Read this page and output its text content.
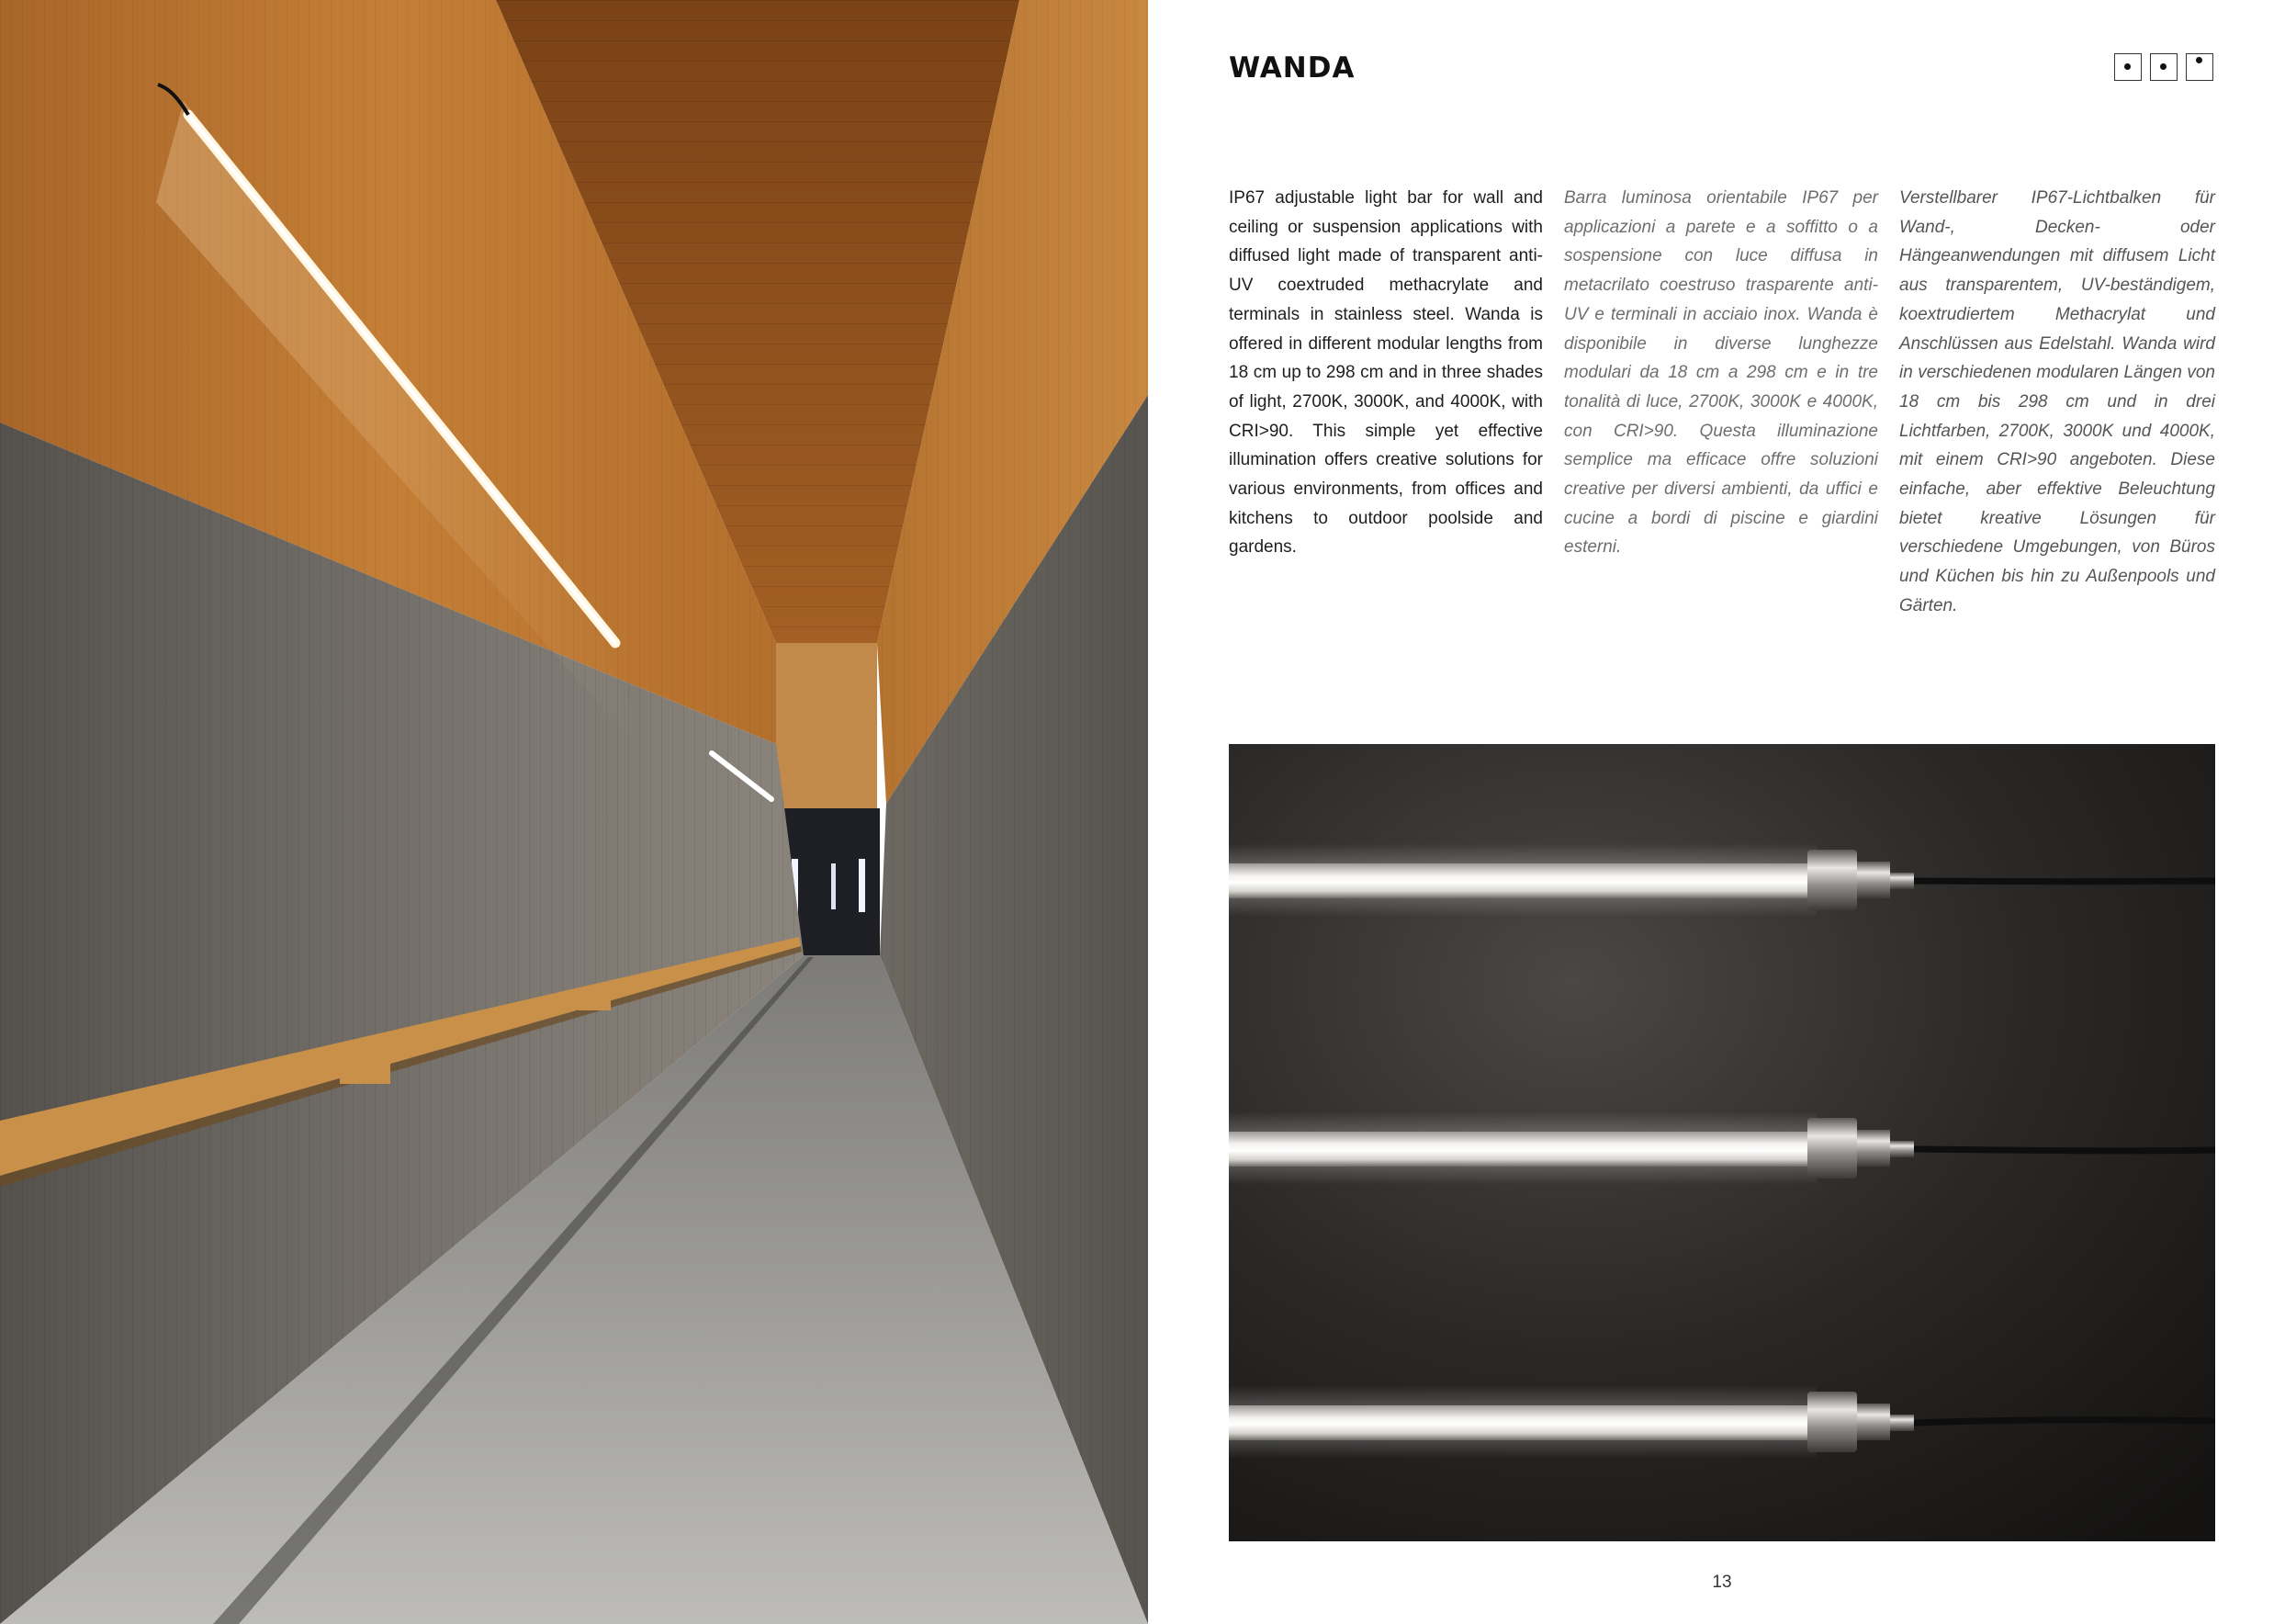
WANDA
IP67 adjustable light bar for wall and ceiling or suspension applications with diffused light made of transparent anti-UV coextruded methacrylate and terminals in stainless steel. Wanda is offered in different modular lengths from 18 cm up to 298 cm and in three shades of light, 2700K, 3000K, and 4000K, with CRI>90. This simple yet effective illumination offers creative solutions for various environments, from offices and kitchens to outdoor poolside and gardens.
Barra luminosa orientabile IP67 per applicazioni a parete e a soffitto o a sospensione con luce diffusa in metacrilato coestruso trasparente anti-UV e terminali in acciaio inox. Wanda è disponibile in diverse lunghezze modulari da 18 cm a 298 cm e in tre tonalità di luce, 2700K, 3000K e 4000K, con CRI>90. Questa illuminazione semplice ma efficace offre soluzioni creative per diversi ambienti, da uffici e cucine a bordi di piscine e giardini esterni.
Verstellbarer IP67-Lichtbalken für Wand-, Decken- oder Hängeanwendungen mit diffusem Licht aus transparentem, UV-beständigem, koextrudiertem Methacrylat und Anschlüssen aus Edelstahl. Wanda wird in verschiedenen modularen Längen von 18 cm bis 298 cm und in drei Lichtfarben, 2700K, 3000K und 4000K, mit einem CRI>90 angeboten. Diese einfache, aber effektive Beleuchtung bietet kreative Lösungen für verschiedene Umgebungen, von Büros und Küchen bis hin zu Außenpools und Gärten.
13
